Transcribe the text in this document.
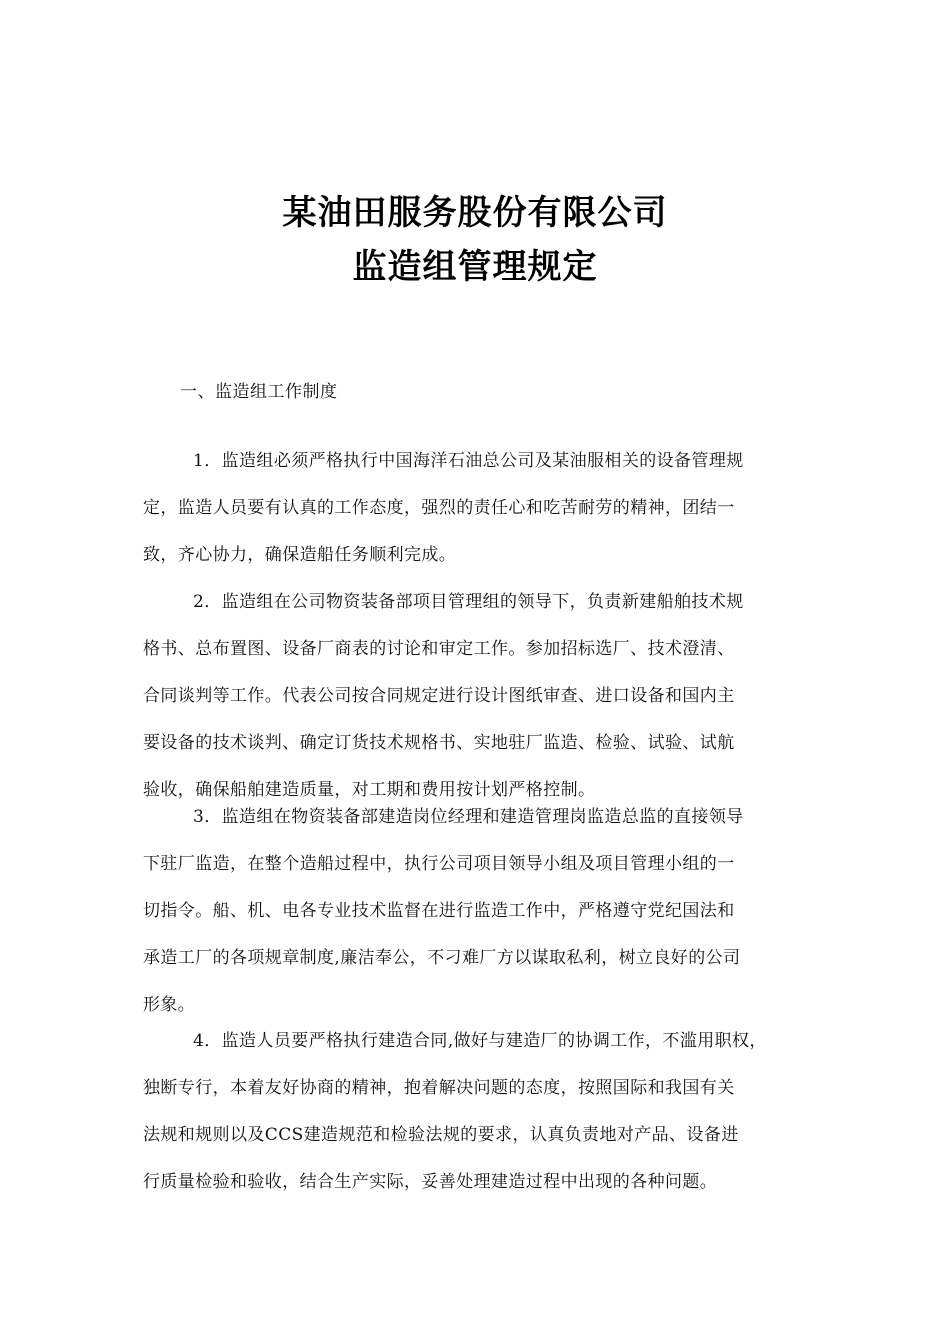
某油田服务股份有限公司
监造组管理规定
一、监造组工作制度
1．监造组必须严格执行中国海洋石油总公司及某油服相关的设备管理规
定，监造人员要有认真的工作态度，强烈的责任心和吃苦耐劳的精神，团结一
致，齐心协力，确保造船任务顺利完成。
2．监造组在公司物资装备部项目管理组的领导下，负责新建船舶技术规
格书、总布置图、设备厂商表的讨论和审定工作。参加招标选厂、技术澄清、
合同谈判等工作。代表公司按合同规定进行设计图纸审查、进口设备和国内主
要设备的技术谈判、确定订货技术规格书、实地驻厂监造、检验、试验、试航
验收，确保船舶建造质量，对工期和费用按计划严格控制。
3．监造组在物资装备部建造岗位经理和建造管理岗监造总监的直接领导
下驻厂监造，在整个造船过程中，执行公司项目领导小组及项目管理小组的一
切指令。船、机、电各专业技术监督在进行监造工作中，严格遵守党纪国法和
承造工厂的各项规章制度,廉洁奉公，不刁难厂方以谋取私利，树立良好的公司
形象。
4．监造人员要严格执行建造合同,做好与建造厂的协调工作，不滥用职权，
独断专行，本着友好协商的精神，抱着解决问题的态度，按照国际和我国有关
法规和规则以及CCS建造规范和检验法规的要求，认真负责地对产品、设备进
行质量检验和验收，结合生产实际，妥善处理建造过程中出现的各种问题。
